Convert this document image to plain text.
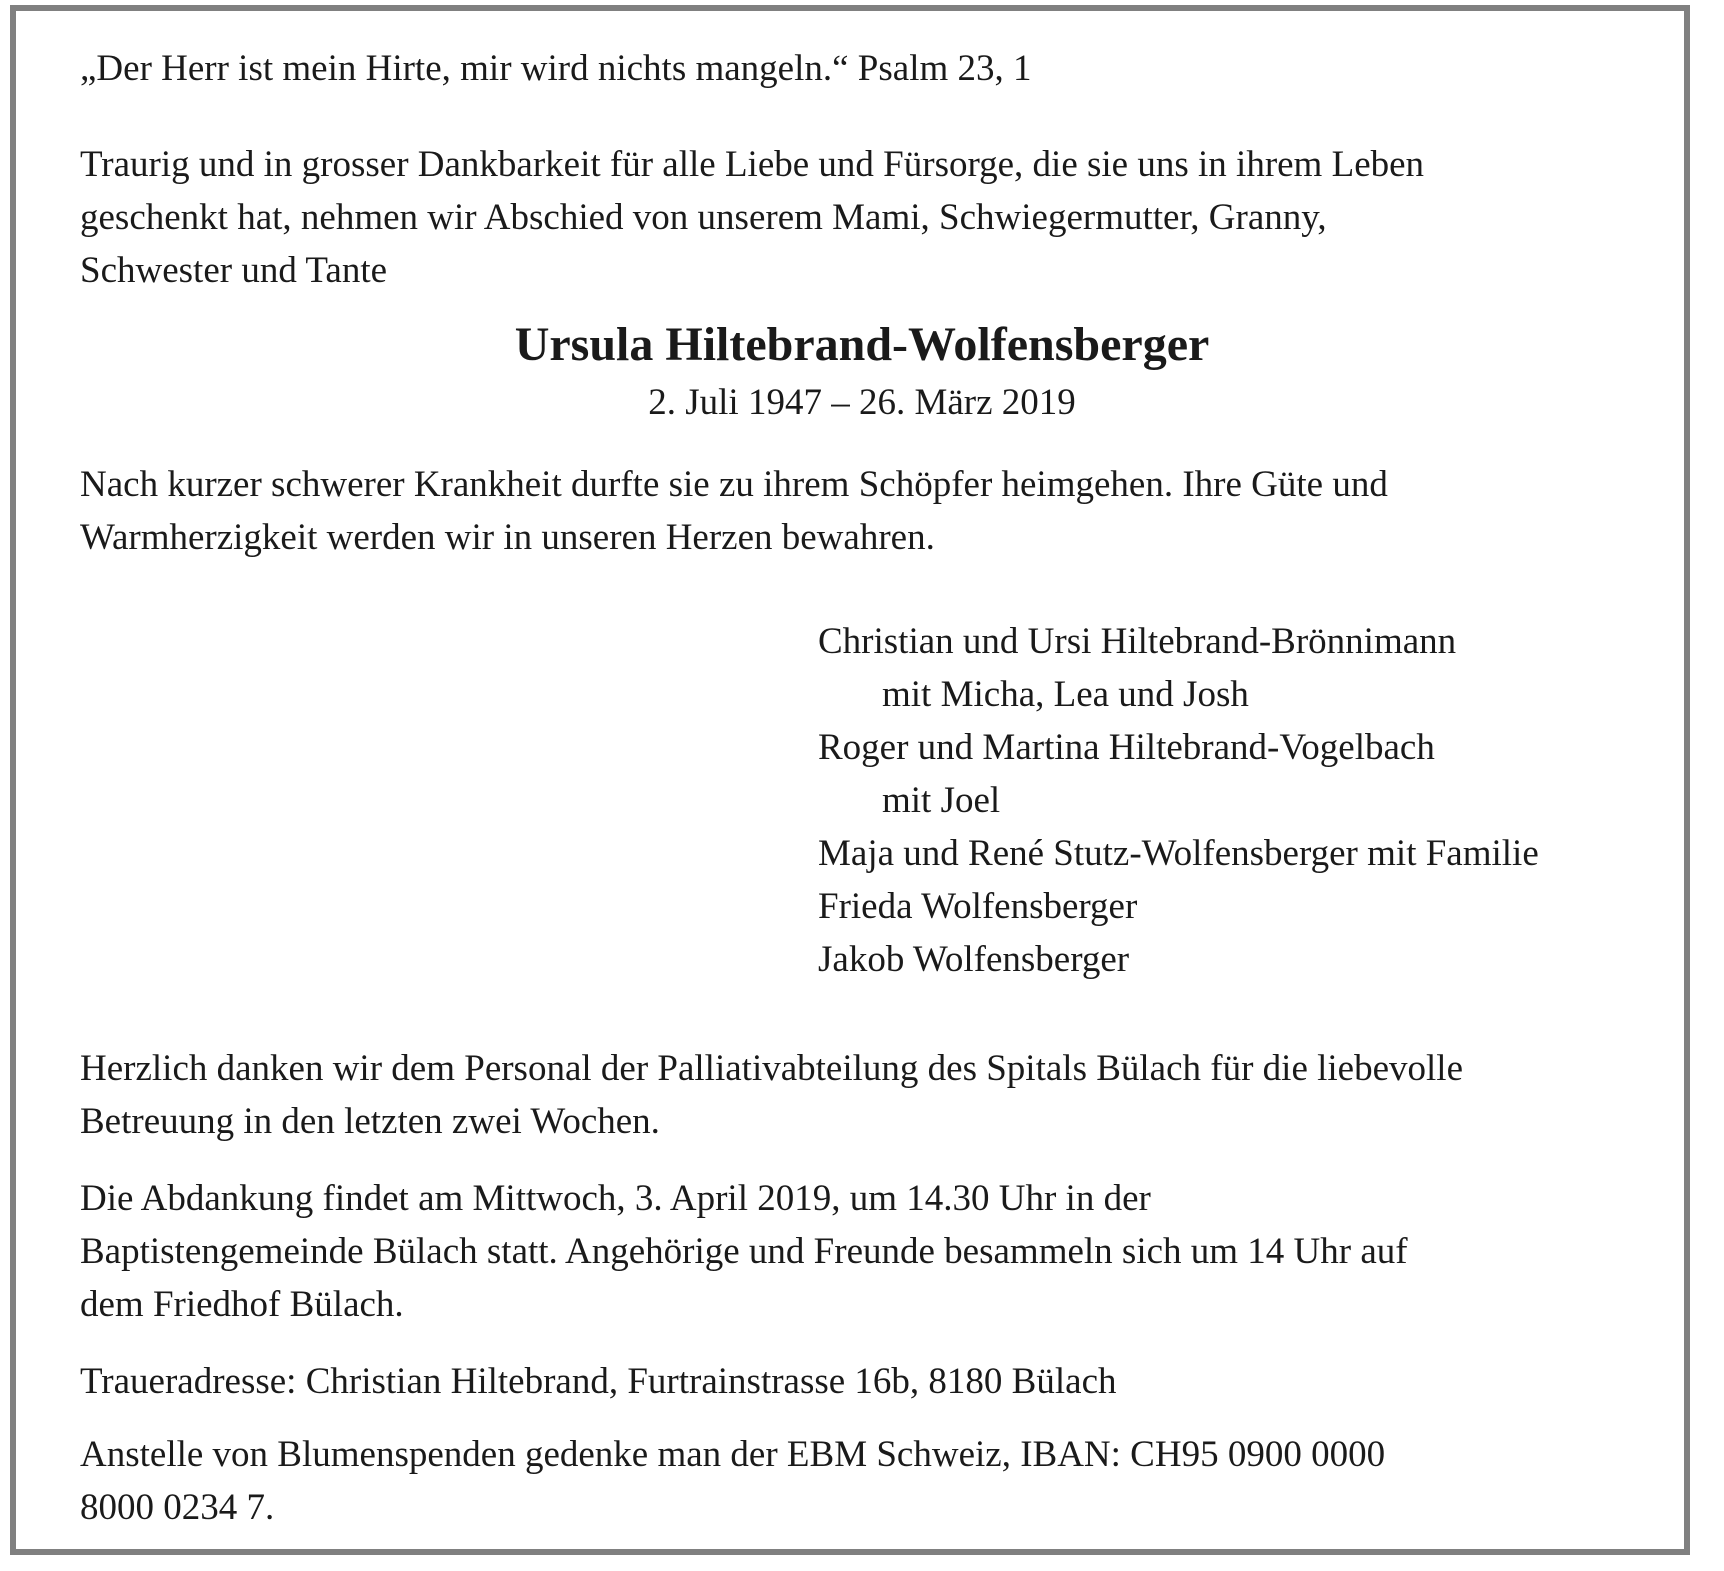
„Der Herr ist mein Hirte, mir wird nichts mangeln.“ Psalm 23, 1

Traurig und in grosser Dankbarkeit für alle Liebe und Fürsorge, die sie uns in ihrem Leben
geschenkt hat, nehmen wir Abschied von unserem Mami, Schwiegermutter, Granny,
Schwester und Tante

Ursula Hiltebrand-Wolfensberger

2. Juli 1947 – 26. März 2019

Nach kurzer schwerer Krankheit durfte sie zu ihrem Schöpfer heimgehen. Ihre Güte und
Warmherzigkeit werden wir in unseren Herzen bewahren.

Christian und Ursi Hiltebrand-Brönnimann
mit Micha, Lea und Josh
Roger und Martina Hiltebrand-Vogelbach
mit Joel
Maja und René Stutz-Wolfensberger mit Familie
Frieda Wolfensberger
Jakob Wolfensberger

Herzlich danken wir dem Personal der Palliativabteilung des Spitals Bülach für die liebevolle
Betreuung in den letzten zwei Wochen.

Die Abdankung findet am Mittwoch, 3. April 2019, um 14.30 Uhr in der
Baptistengemeinde Bülach statt. Angehörige und Freunde besammeln sich um 14 Uhr auf
dem Friedhof Bülach.

Traueradresse: Christian Hiltebrand, Furtrainstrasse 16b, 8180 Bülach

Anstelle von Blumenspenden gedenke man der EBM Schweiz, IBAN: CH95 0900 0000
8000 0234 7.
